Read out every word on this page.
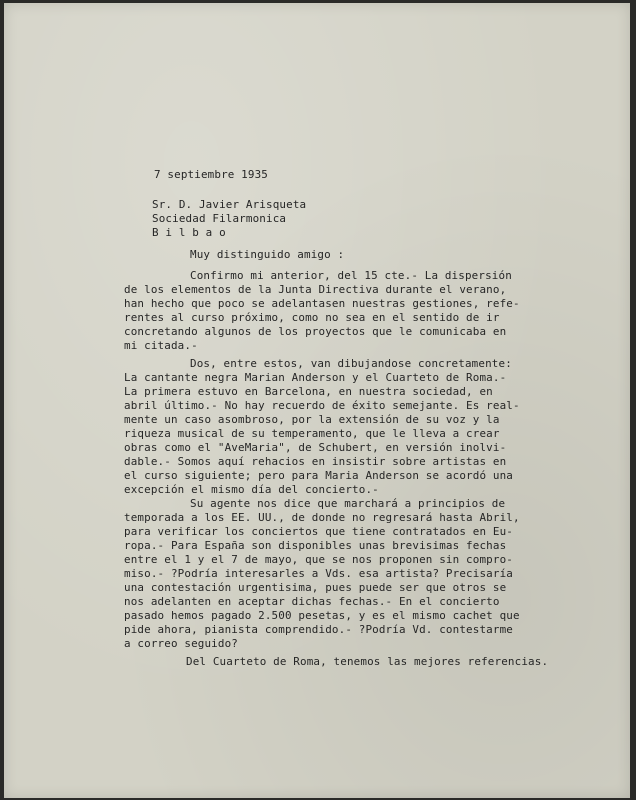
7 septiembre 1935
Sr. D. Javier Arisqueta
Sociedad Filarmonica
B i l b a o
Muy distinguido amigo :
Confirmo mi anterior, del 15 cte.- La dispersión
de los elementos de la Junta Directiva durante el verano,
han hecho que poco se adelantasen nuestras gestiones, refe-
rentes al curso próximo, como no sea en el sentido de ir
concretando algunos de los proyectos que le comunicaba en
mi citada.-
Dos, entre estos, van dibujandose concretamente:
La cantante negra Marian Anderson y el Cuarteto de Roma.-
La primera estuvo en Barcelona, en nuestra sociedad, en
abril último.- No hay recuerdo de éxito semejante. Es real-
mente un caso asombroso, por la extensión de su voz y la
riqueza musical de su temperamento, que le lleva a crear
obras como el "AveMaria", de Schubert, en versión inolvi-
dable.- Somos aquí rehacios en insistir sobre artistas en
el curso siguiente; pero para Maria Anderson se acordó una
excepción el mismo día del concierto.-
Su agente nos dice que marchará a principios de
temporada a los EE. UU., de donde no regresará hasta Abril,
para verificar los conciertos que tiene contratados en Eu-
ropa.- Para España son disponibles unas brevisimas fechas
entre el 1 y el 7 de mayo, que se nos proponen sin compro-
miso.- ?Podría interesarles a Vds. esa artista? Precisaría
una contestación urgentisima, pues puede ser que otros se
nos adelanten en aceptar dichas fechas.- En el concierto
pasado hemos pagado 2.500 pesetas, y es el mismo cachet que
pide ahora, pianista comprendido.- ?Podría Vd. contestarme
a correo seguido?
Del Cuarteto de Roma, tenemos las mejores referencias.
